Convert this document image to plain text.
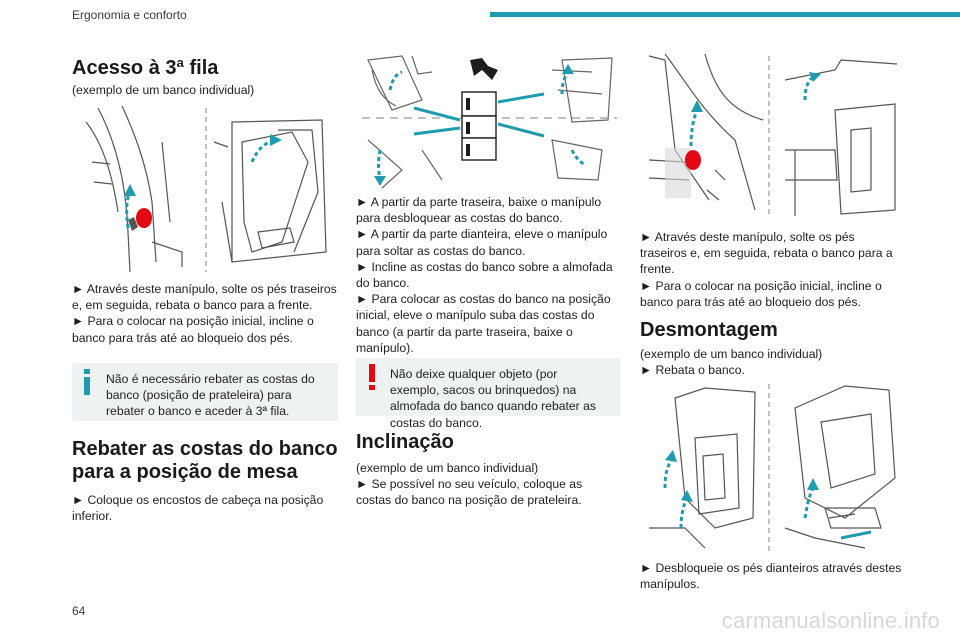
Ergonomia e conforto
Acesso à 3ª fila

(exemplo de um banco individual)

► Através deste manípulo, solte os pés traseiros e, em seguida, rebata o banco para a frente.

► Para o colocar na posição inicial, incline o banco para trás até ao bloqueio dos pés.

Não é necessário rebater as costas do banco (posição de prateleira) para rebater o banco e aceder à 3ª fila.
Rebater as costas do banco
para a posição de mesa

► Coloque os encostos de cabeça na posição inferior.

► A partir da parte traseira, baixe o manípulo para desbloquear as costas do banco.

► A partir da parte dianteira, eleve o manípulo para soltar as costas do banco.

► Incline as costas do banco sobre a almofada do banco.

► Para colocar as costas do banco na posição inicial, eleve o manípulo suba das costas do banco (a partir da parte traseira, baixe o manípulo).

Não deixe qualquer objeto (por exemplo, sacos ou brinquedos) na almofada do banco quando rebater as costas do banco.
Inclinação

(exemplo de um banco individual)

► Se possível no seu veículo, coloque as costas do banco na posição de prateleira.

► Através deste manípulo, solte os pés traseiros e, em seguida, rebata o banco para a frente.

► Para o colocar na posição inicial, incline o banco para trás até ao bloqueio dos pés.

Desmontagem

(exemplo de um banco individual)

► Rebata o banco.

► Desbloqueie os pés dianteiros através destes manípulos.

64	carmanualsonline.info
